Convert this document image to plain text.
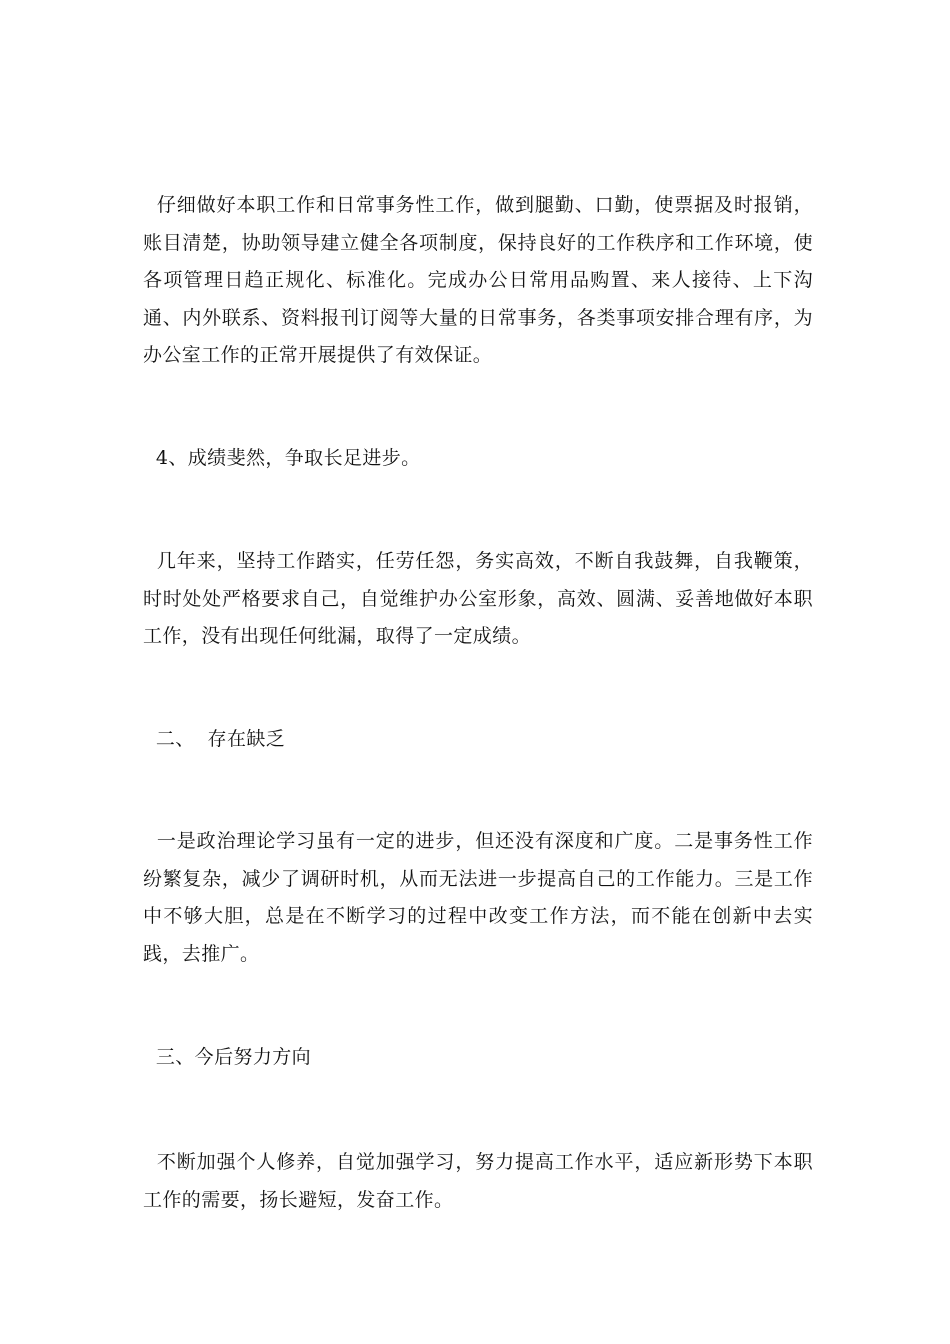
仔细做好本职工作和日常事务性工作，做到腿勤、口勤，使票据及时报销，账目清楚，协助领导建立健全各项制度，保持良好的工作秩序和工作环境，使各项管理日趋正规化、标准化。完成办公日常用品购置、来人接待、上下沟通、内外联系、资料报刊订阅等大量的日常事务，各类事项安排合理有序，为办公室工作的正常开展提供了有效保证。

4、成绩斐然，争取长足进步。

几年来，坚持工作踏实，任劳任怨，务实高效，不断自我鼓舞，自我鞭策，时时处处严格要求自己，自觉维护办公室形象，高效、圆满、妥善地做好本职工作，没有出现任何纰漏，取得了一定成绩。

二、  存在缺乏

一是政治理论学习虽有一定的进步，但还没有深度和广度。二是事务性工作纷繁复杂，减少了调研时机，从而无法进一步提高自己的工作能力。三是工作中不够大胆，总是在不断学习的过程中改变工作方法，而不能在创新中去实践，去推广。

三、今后努力方向

不断加强个人修养，自觉加强学习，努力提高工作水平，适应新形势下本职工作的需要，扬长避短，发奋工作。
